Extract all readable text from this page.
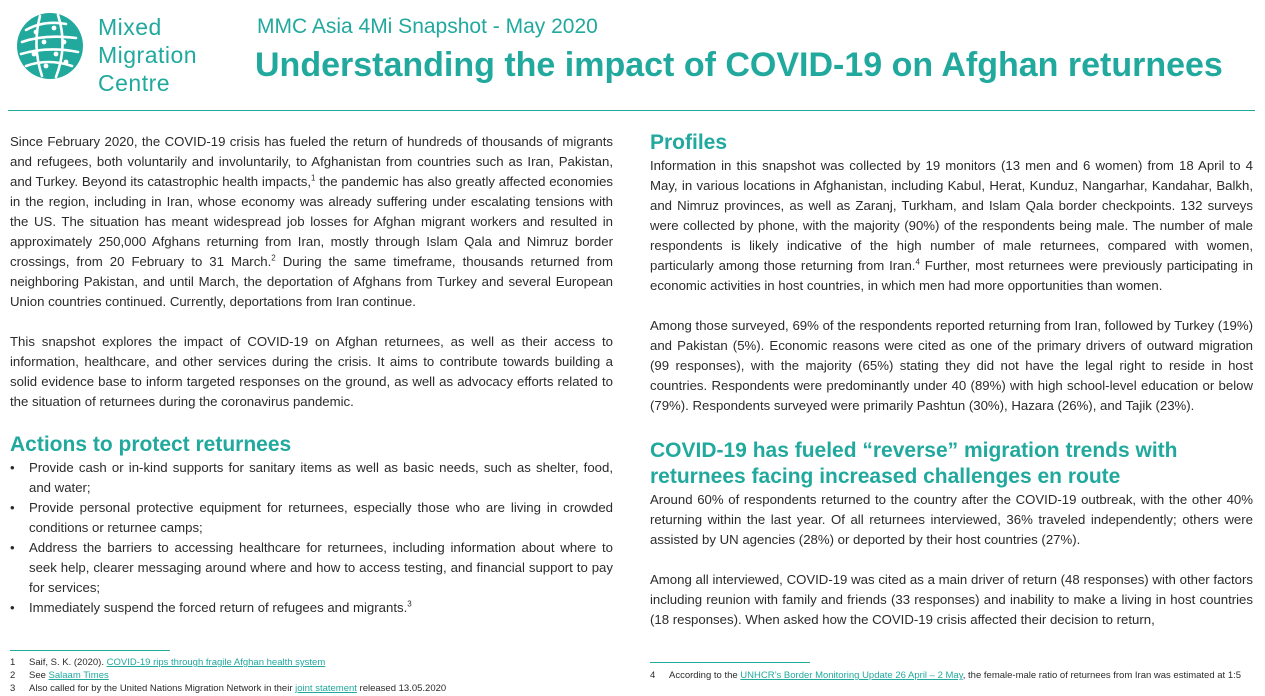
Mixed
Migration
Centre
MMC Asia 4Mi Snapshot - May 2020
Understanding the impact of COVID-19 on Afghan returnees

Since February 2020, the COVID-19 crisis has fueled the return of hundreds of thousands of migrants and refugees, both voluntarily and involuntarily, to Afghanistan from countries such as Iran, Pakistan, and Turkey. Beyond its catastrophic health impacts,$^1$ the pandemic has also greatly affected economies in the region, including in Iran, whose economy was already suffering under escalating tensions with the US. The situation has meant widespread job losses for Afghan migrant workers and resulted in approximately 250,000 Afghans returning from Iran, mostly through Islam Qala and Nimruz border crossings, from 20 February to 31 March.$^2$ During the same timeframe, thousands returned from neighboring Pakistan, and until March, the deportation of Afghans from Turkey and several European Union countries continued. Currently, deportations from Iran continue.

This snapshot explores the impact of COVID-19 on Afghan returnees, as well as their access to information, healthcare, and other services during the crisis. It aims to contribute towards building a solid evidence base to inform targeted responses on the ground, as well as advocacy efforts related to the situation of returnees during the coronavirus pandemic.

Actions to protect returnees
• Provide cash or in-kind supports for sanitary items as well as basic needs, such as shelter, food, and water;
• Provide personal protective equipment for returnees, especially those who are living in crowded conditions or returnee camps;
• Address the barriers to accessing healthcare for returnees, including information about where to seek help, clearer messaging around where and how to access testing, and financial support to pay for services;
• Immediately suspend the forced return of refugees and migrants.$^3$
Profiles

Information in this snapshot was collected by 19 monitors (13 men and 6 women) from 18 April to 4 May, in various locations in Afghanistan, including Kabul, Herat, Kunduz, Nangarhar, Kandahar, Balkh, and Nimruz provinces, as well as Zaranj, Turkham, and Islam Qala border checkpoints. 132 surveys were collected by phone, with the majority (90%) of the respondents being male. The number of male respondents is likely indicative of the high number of male returnees, compared with women, particularly among those returning from Iran.$^4$ Further, most returnees were previously participating in economic activities in host countries, in which men had more opportunities than women.

Among those surveyed, 69% of the respondents reported returning from Iran, followed by Turkey (19%) and Pakistan (5%). Economic reasons were cited as one of the primary drivers of outward migration (99 responses), with the majority (65%) stating they did not have the legal right to reside in host countries. Respondents were predominantly under 40 (89%) with high school-level education or below (79%). Respondents surveyed were primarily Pashtun (30%), Hazara (26%), and Tajik (23%).

COVID-19 has fueled “reverse” migration trends with returnees facing increased challenges en route

Around 60% of respondents returned to the country after the COVID-19 outbreak, with the other 40% returning within the last year. Of all returnees interviewed, 36% traveled independently; others were assisted by UN agencies (28%) or deported by their host countries (27%).

Among all interviewed, COVID-19 was cited as a main driver of return (48 responses) with other factors including reunion with family and friends (33 responses) and inability to make a living in host countries (18 responses). When asked how the COVID-19 crisis affected their decision to return,

1 Saif, S. K. (2020). COVID-19 rips through fragile Afghan health system
2 See Salaam Times
3 Also called for by the United Nations Migration Network in their joint statement released 13.05.2020
4 According to the UNHCR’s Border Monitoring Update 26 April – 2 May, the female-male ratio of returnees from Iran was estimated at 1:5
